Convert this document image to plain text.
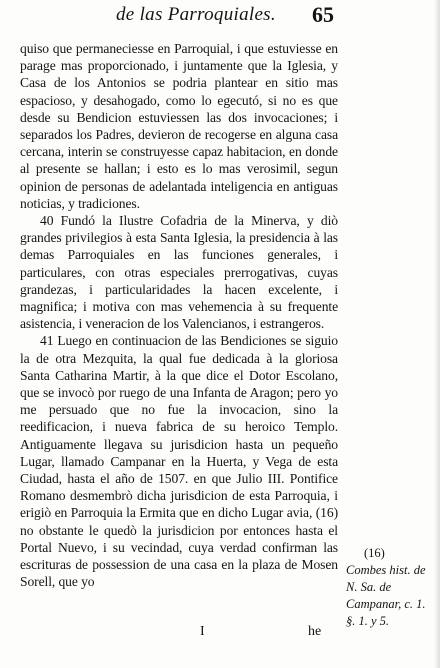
de las Parroquiales. 65

quiso que permaneciesse en Parroquial, i que estuviesse en parage mas proporcionado, i juntamente que la Iglesia, y Casa de los Antonios se podria plantear en sitio mas espacioso, y desahogado, como lo egecutó, si no es que desde su Bendicion estuviessen las dos invocaciones; i separados los Padres, devieron de recogerse en alguna casa cercana, interin se construyesse capaz habitacion, en donde al presente se hallan; i esto es lo mas verosimil, segun opinion de personas de adelantada inteligencia en antiguas noticias, y tradiciones.

40 Fundó la Ilustre Cofadria de la Minerva, y diò grandes privilegios à esta Santa Iglesia, la presidencia à las demas Parroquiales en las funciones generales, i particulares, con otras especiales prerrogativas, cuyas grandezas, i particularidades la hacen excelente, i magnifica; i motiva con mas vehemencia à su frequente asistencia, i veneracion de los Valencianos, i estrangeros.

41 Luego en continuacion de las Bendiciones se siguio la de otra Mezquita, la qual fue dedicada à la gloriosa Santa Catharina Martir, à la que dice el Dotor Escolano, que se invocò por ruego de una Infanta de Aragon; pero yo me persuado que no fue la invocacion, sino la reedificacion, i nueva fabrica de su heroico Templo. Antiguamente llegava su jurisdicion hasta un pequeño Lugar, llamado Campanar en la Huerta, y Vega de esta Ciudad, hasta el año de 1507. en que Julio III. Pontifice Romano desmembrò dicha jurisdicion de esta Parroquia, i erigiò en Parroquia la Ermita que en dicho Lugar avia, (16) no obstante le quedò la jurisdicion por entonces hasta el Portal Nuevo, i su vecindad, cuya verdad confirman las escrituras de possession de una casa en la plaza de Mosen Sorell, que yo

(16)
Combes hist. de N. Sa. de Campanar, c. 1. §. 1. y 5.
I	he
